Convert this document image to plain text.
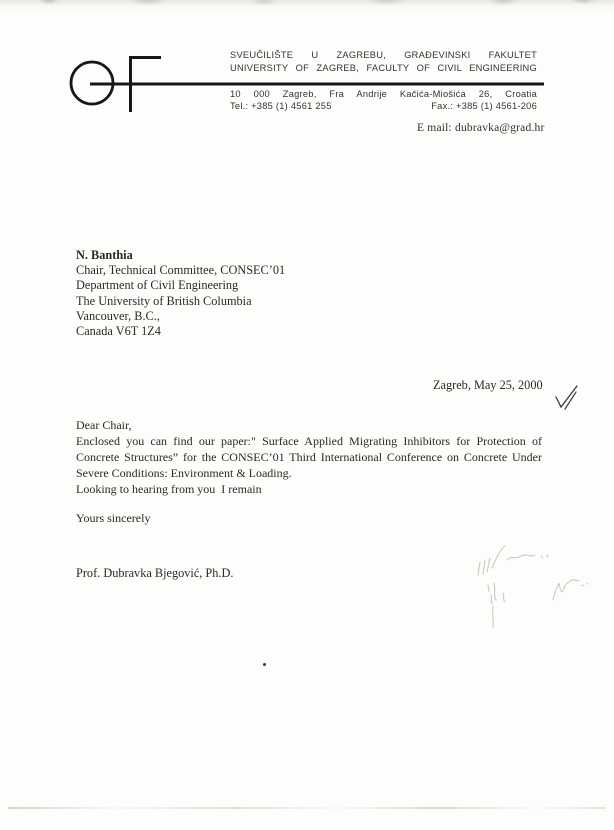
SVEUČILIŠTE U ZAGREBU, GRAĐEVINSKI FAKULTET
UNIVERSITY OF ZAGREB, FACULTY OF CIVIL ENGINEERING
10 000 Zagreb, Fra Andrije Kačića-Miošića 26, Croatia
Tel.: +385 (1) 4561 255	Fax.: +385 (1) 4561-206
E mail: dubravka@grad.hr
N. Banthia
Chair, Technical Committee, CONSEC’01
Department of Civil Engineering
The University of British Columbia
Vancouver, B.C.,
Canada V6T 1Z4
Zagreb, May 25, 2000
Dear Chair,
Enclosed you can find our paper:" Surface Applied Migrating Inhibitors for Protection of
Concrete Structures” for the CONSEC’01 Third International Conference on Concrete Under
Severe Conditions: Environment & Loading.
Looking to hearing from you  I remain
Yours sincerely
Prof. Dubravka Bjegović, Ph.D.
